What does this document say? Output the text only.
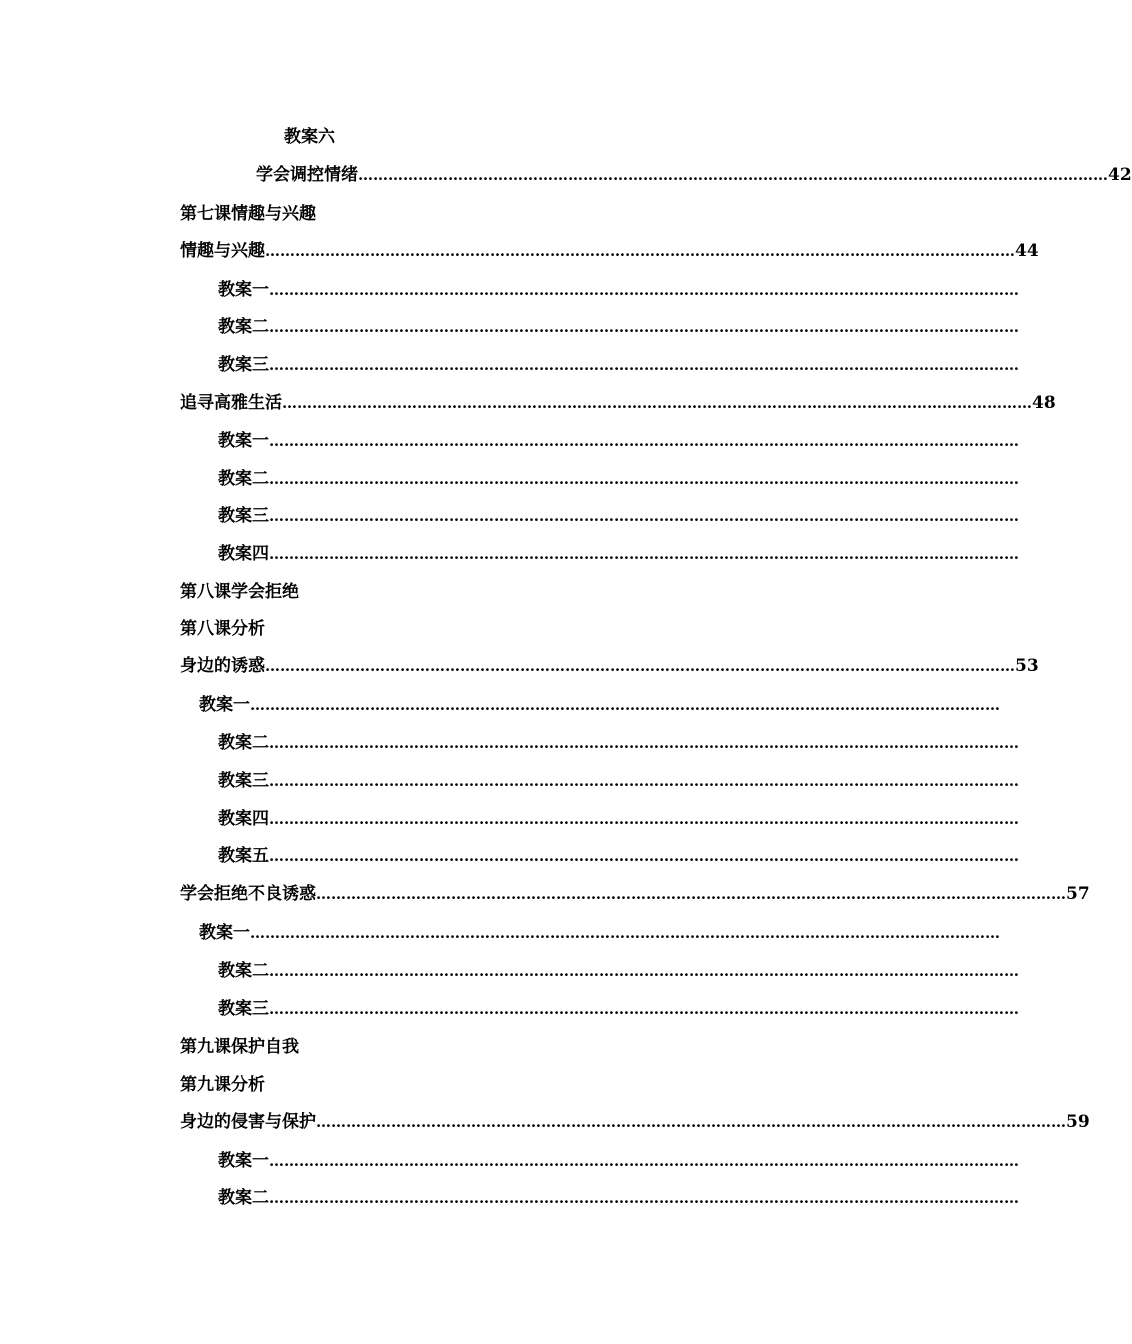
教案六
学会调控情绪 …………………………………………………………………………………………………………………………………… 42
第七课情趣与兴趣
情趣与兴趣 …………………………………………………………………………………………………………………………………… 44
教案一 ……………………………………………………………………………………………………………………………………
教案二 ……………………………………………………………………………………………………………………………………
教案三 ……………………………………………………………………………………………………………………………………
追寻高雅生活 …………………………………………………………………………………………………………………………………… 48
教案一 ……………………………………………………………………………………………………………………………………
教案二 ……………………………………………………………………………………………………………………………………
教案三 ……………………………………………………………………………………………………………………………………
教案四 ……………………………………………………………………………………………………………………………………
第八课学会拒绝
第八课分析
身边的诱惑 …………………………………………………………………………………………………………………………………… 53
教案一 ……………………………………………………………………………………………………………………………………
教案二 ……………………………………………………………………………………………………………………………………
教案三 ……………………………………………………………………………………………………………………………………
教案四 ……………………………………………………………………………………………………………………………………
教案五 ……………………………………………………………………………………………………………………………………
学会拒绝不良诱惑 …………………………………………………………………………………………………………………………………… 57
教案一 ……………………………………………………………………………………………………………………………………
教案二 ……………………………………………………………………………………………………………………………………
教案三 ……………………………………………………………………………………………………………………………………
第九课保护自我
第九课分析
身边的侵害与保护 …………………………………………………………………………………………………………………………………… 59
教案一 ……………………………………………………………………………………………………………………………………
教案二 ……………………………………………………………………………………………………………………………………
